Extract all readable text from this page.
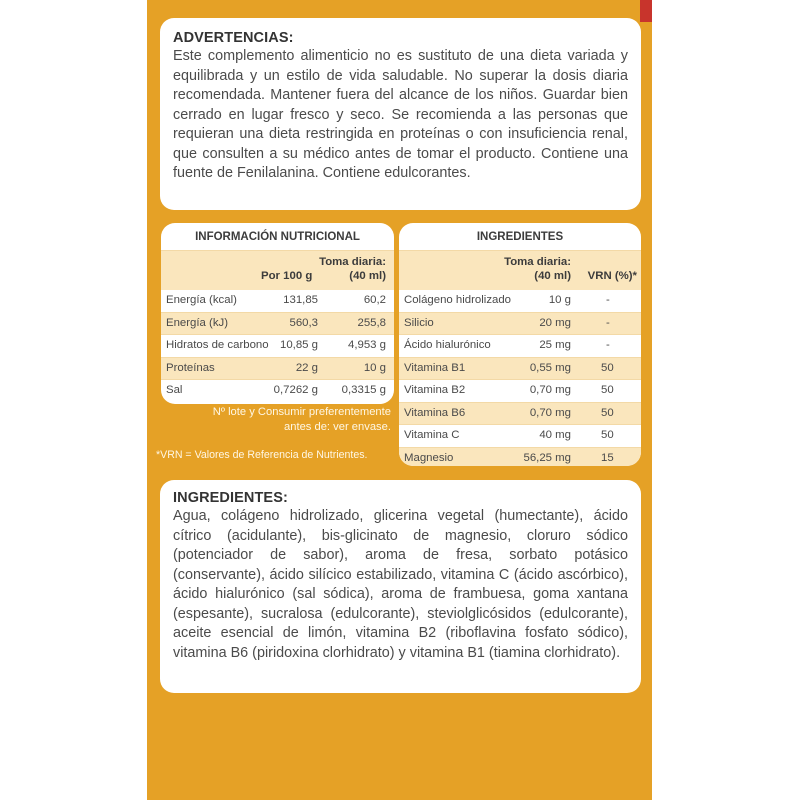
ADVERTENCIAS:

Este complemento alimenticio no es sustituto de una dieta variada y equilibrada y un estilo de vida saludable. No superar la dosis diaria recomendada. Mantener fuera del alcance de los niños. Guardar bien cerrado en lugar fresco y seco. Se recomienda a las personas que requieran una dieta restringida en proteínas o con insuficiencia renal, que consulten a su médico antes de tomar el producto. Contiene una fuente de Fenilalanina. Contiene edulcorantes.

INFORMACIÓN NUTRICIONAL
Toma diaria:
Por 100 g	(40 ml)
Energía (kcal)	131,85	60,2
Energía (kJ)	560,3	255,8
Hidratos de carbono 10,85 g	4,953 g
Proteínas	22 g	10 g
Sal	0,7262 g 0,3315 g
Nº lote y Consumir preferentemente
antes de: ver envase.
*VRN = Valores de Referencia de Nutrientes.
INGREDIENTES
Toma diaria:
(40 ml) VRN (%)*
Colágeno hidrolizado	10 g	-
Silicio	20 mg	-
Ácido hialurónico	25 mg	-
Vitamina B1	0,55 mg	50
Vitamina B2	0,70 mg	50
Vitamina B6	0,70 mg	50
Vitamina C	40 mg	50
Magnesio	56,25 mg	15
INGREDIENTES:

Agua, colágeno hidrolizado, glicerina vegetal (humectante), ácido cítrico (acidulante), bis-glicinato de magnesio, cloruro sódico (potenciador de sabor), aroma de fresa, sorbato potásico (conservante), ácido silícico estabilizado, vitamina C (ácido ascórbico), ácido hialurónico (sal sódica), aroma de frambuesa, goma xantana (espesante), sucralosa (edulcorante), steviolglicósidos (edulcorante), aceite esencial de limón, vitamina B2 (riboflavina fosfato sódico), vitamina B6 (piridoxina clorhidrato) y vitamina B1 (tiamina clorhidrato).
